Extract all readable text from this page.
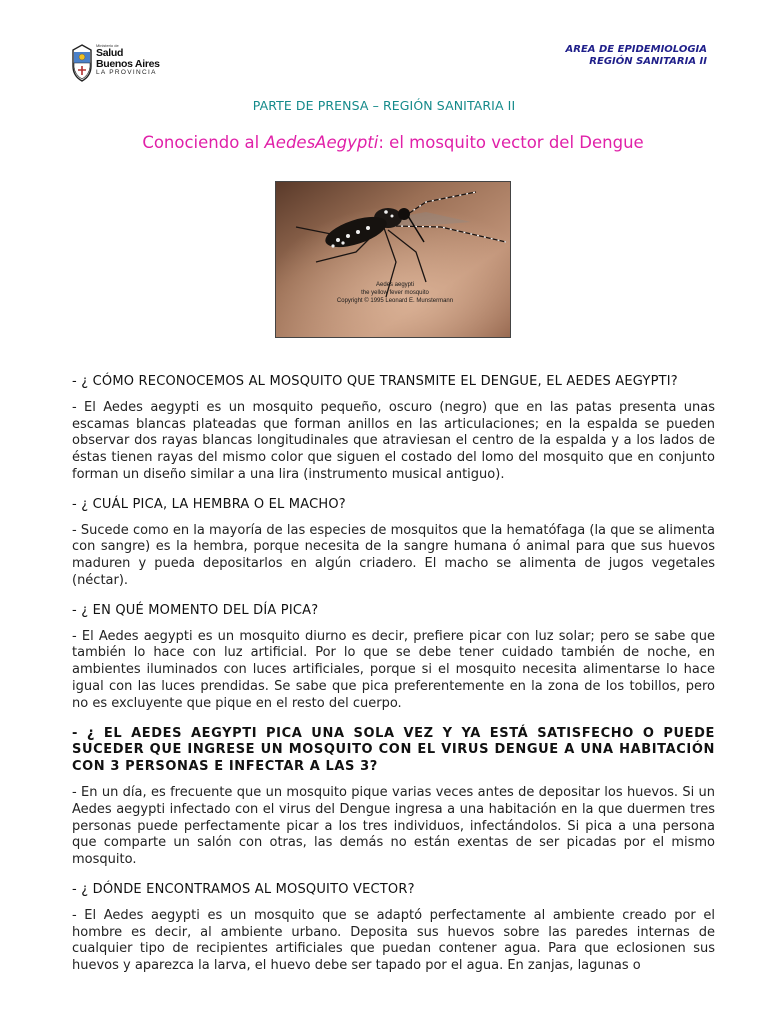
Ministerio de
Salud
Buenos Aires
LA PROVINCIA
AREA DE EPIDEMIOLOGIA
REGIÓN SANITARIA II
PARTE DE PRENSA – REGIÓN SANITARIA II
Conociendo al AedesAegypti: el mosquito vector del Dengue
Aedes aegypti
the yellow fever mosquito
Copyright © 1995 Leonard E. Munstermann

- ¿ CÓMO RECONOCEMOS AL MOSQUITO QUE TRANSMITE EL DENGUE, EL AEDES AEGYPTI?

- El Aedes aegypti es un mosquito pequeño, oscuro (negro) que en las patas presenta unas escamas blancas plateadas que forman anillos en las articulaciones; en la espalda se pueden observar dos rayas blancas longitudinales que atraviesan el centro de la espalda y a los lados de éstas tienen rayas del mismo color que siguen el costado del lomo del mosquito que en conjunto forman un diseño similar a una lira (instrumento musical antiguo).

- ¿ CUÁL PICA, LA HEMBRA O EL MACHO?

- Sucede como en la mayoría de las especies de mosquitos que la hematófaga (la que se alimenta con sangre) es la hembra, porque necesita de la sangre humana ó animal para que sus huevos maduren y pueda depositarlos en algún criadero. El macho se alimenta de jugos vegetales (néctar).

- ¿ EN QUÉ MOMENTO DEL DÍA PICA?

- El Aedes aegypti es un mosquito diurno es decir, prefiere picar con luz solar; pero se sabe que también lo hace con luz artificial. Por lo que se debe tener cuidado también de noche, en ambientes iluminados con luces artificiales, porque si el mosquito necesita alimentarse lo hace igual con las luces prendidas. Se sabe que pica preferentemente en la zona de los tobillos, pero no es excluyente que pique en el resto del cuerpo.

- ¿ EL AEDES AEGYPTI PICA UNA SOLA VEZ Y YA ESTÁ SATISFECHO O PUEDE SUCEDER QUE INGRESE UN MOSQUITO CON EL VIRUS DENGUE A UNA HABITACIÓN CON 3 PERSONAS E INFECTAR A LAS 3?

- En un día, es frecuente que un mosquito pique varias veces antes de depositar los huevos. Si un Aedes aegypti infectado con el virus del Dengue ingresa a una habitación en la que duermen tres personas puede perfectamente picar a los tres individuos, infectándolos. Si pica a una persona que comparte un salón con otras, las demás no están exentas de ser picadas por el mismo mosquito.

- ¿ DÓNDE ENCONTRAMOS AL MOSQUITO VECTOR?

- El Aedes aegypti es un mosquito que se adaptó perfectamente al ambiente creado por el hombre es decir, al ambiente urbano. Deposita sus huevos sobre las paredes internas de cualquier tipo de recipientes artificiales que puedan contener agua. Para que eclosionen sus huevos y aparezca la larva, el huevo debe ser tapado por el agua. En zanjas, lagunas o
